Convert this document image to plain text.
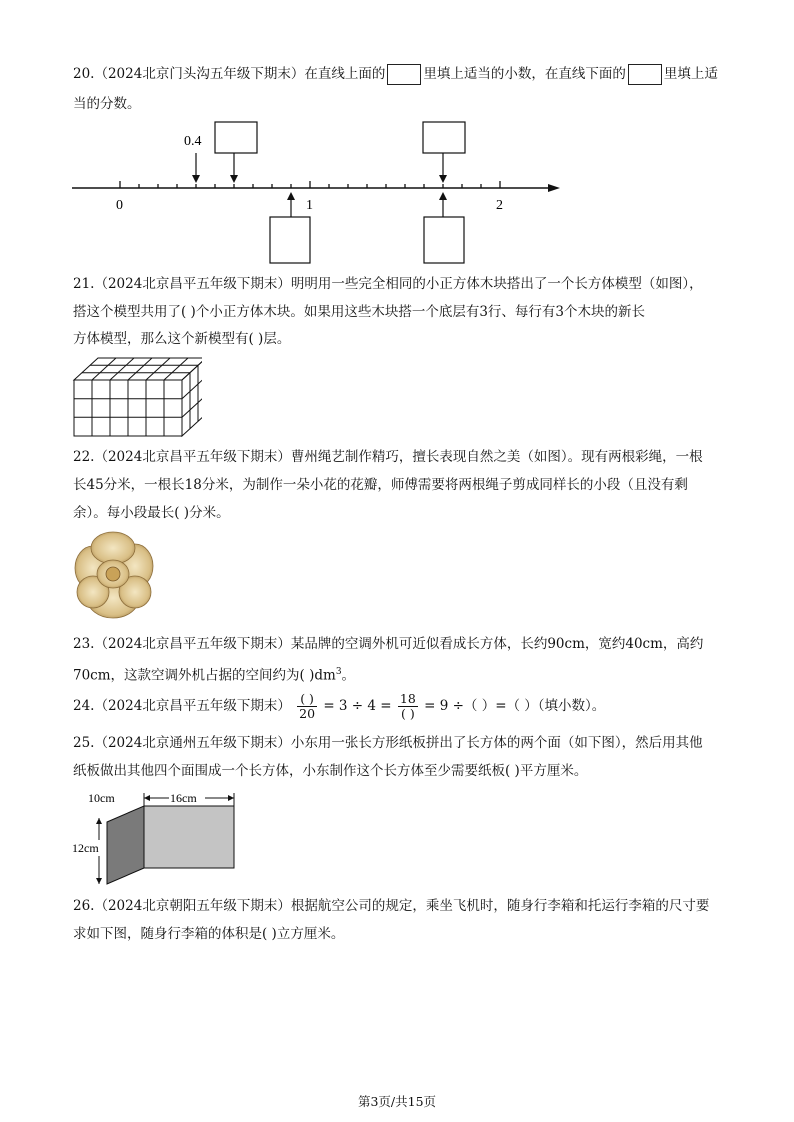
20.（2024北京门头沟五年级下期末）在直线上面的	里填上适当的小数，在直线下面的	里填上适
当的分数。
0	1	2
0.4
21.（2024北京昌平五年级下期末）明明用一些完全相同的小正方体木块搭出了一个长方体模型（如图），
搭这个模型共用了( )个小正方体木块。如果用这些木块搭一个底层有3行、每行有3个木块的新长
方体模型，那么这个新模型有( )层。
22.（2024北京昌平五年级下期末）曹州绳艺制作精巧，擅长表现自然之美（如图）。现有两根彩绳，一根
长45分米，一根长18分米，为制作一朵小花的花瓣，师傅需要将两根绳子剪成同样长的小段（且没有剩
余）。每小段最长( )分米。
23.（2024北京昌平五年级下期末）某品牌的空调外机可近似看成长方体，长约90cm，宽约40cm，高约
70cm，这款空调外机占据的空间约为( )$dm^3$。
24.（2024北京昌平五年级下期末） $\frac{( )}{20} = 3 \div 4 = \frac{18}{( )} = 9$ ÷（ ）=（ ）（填小数）。
25.（2024北京通州五年级下期末）小东用一张长方形纸板拼出了长方体的两个面（如下图），然后用其他
纸板做出其他四个面围成一个长方体，小东制作这个长方体至少需要纸板( )平方厘米。
10cm	16cm
12cm
26.（2024北京朝阳五年级下期末）根据航空公司的规定，乘坐飞机时，随身行李箱和托运行李箱的尺寸要
求如下图，随身行李箱的体积是( )立方厘米。
第3页/共15页
